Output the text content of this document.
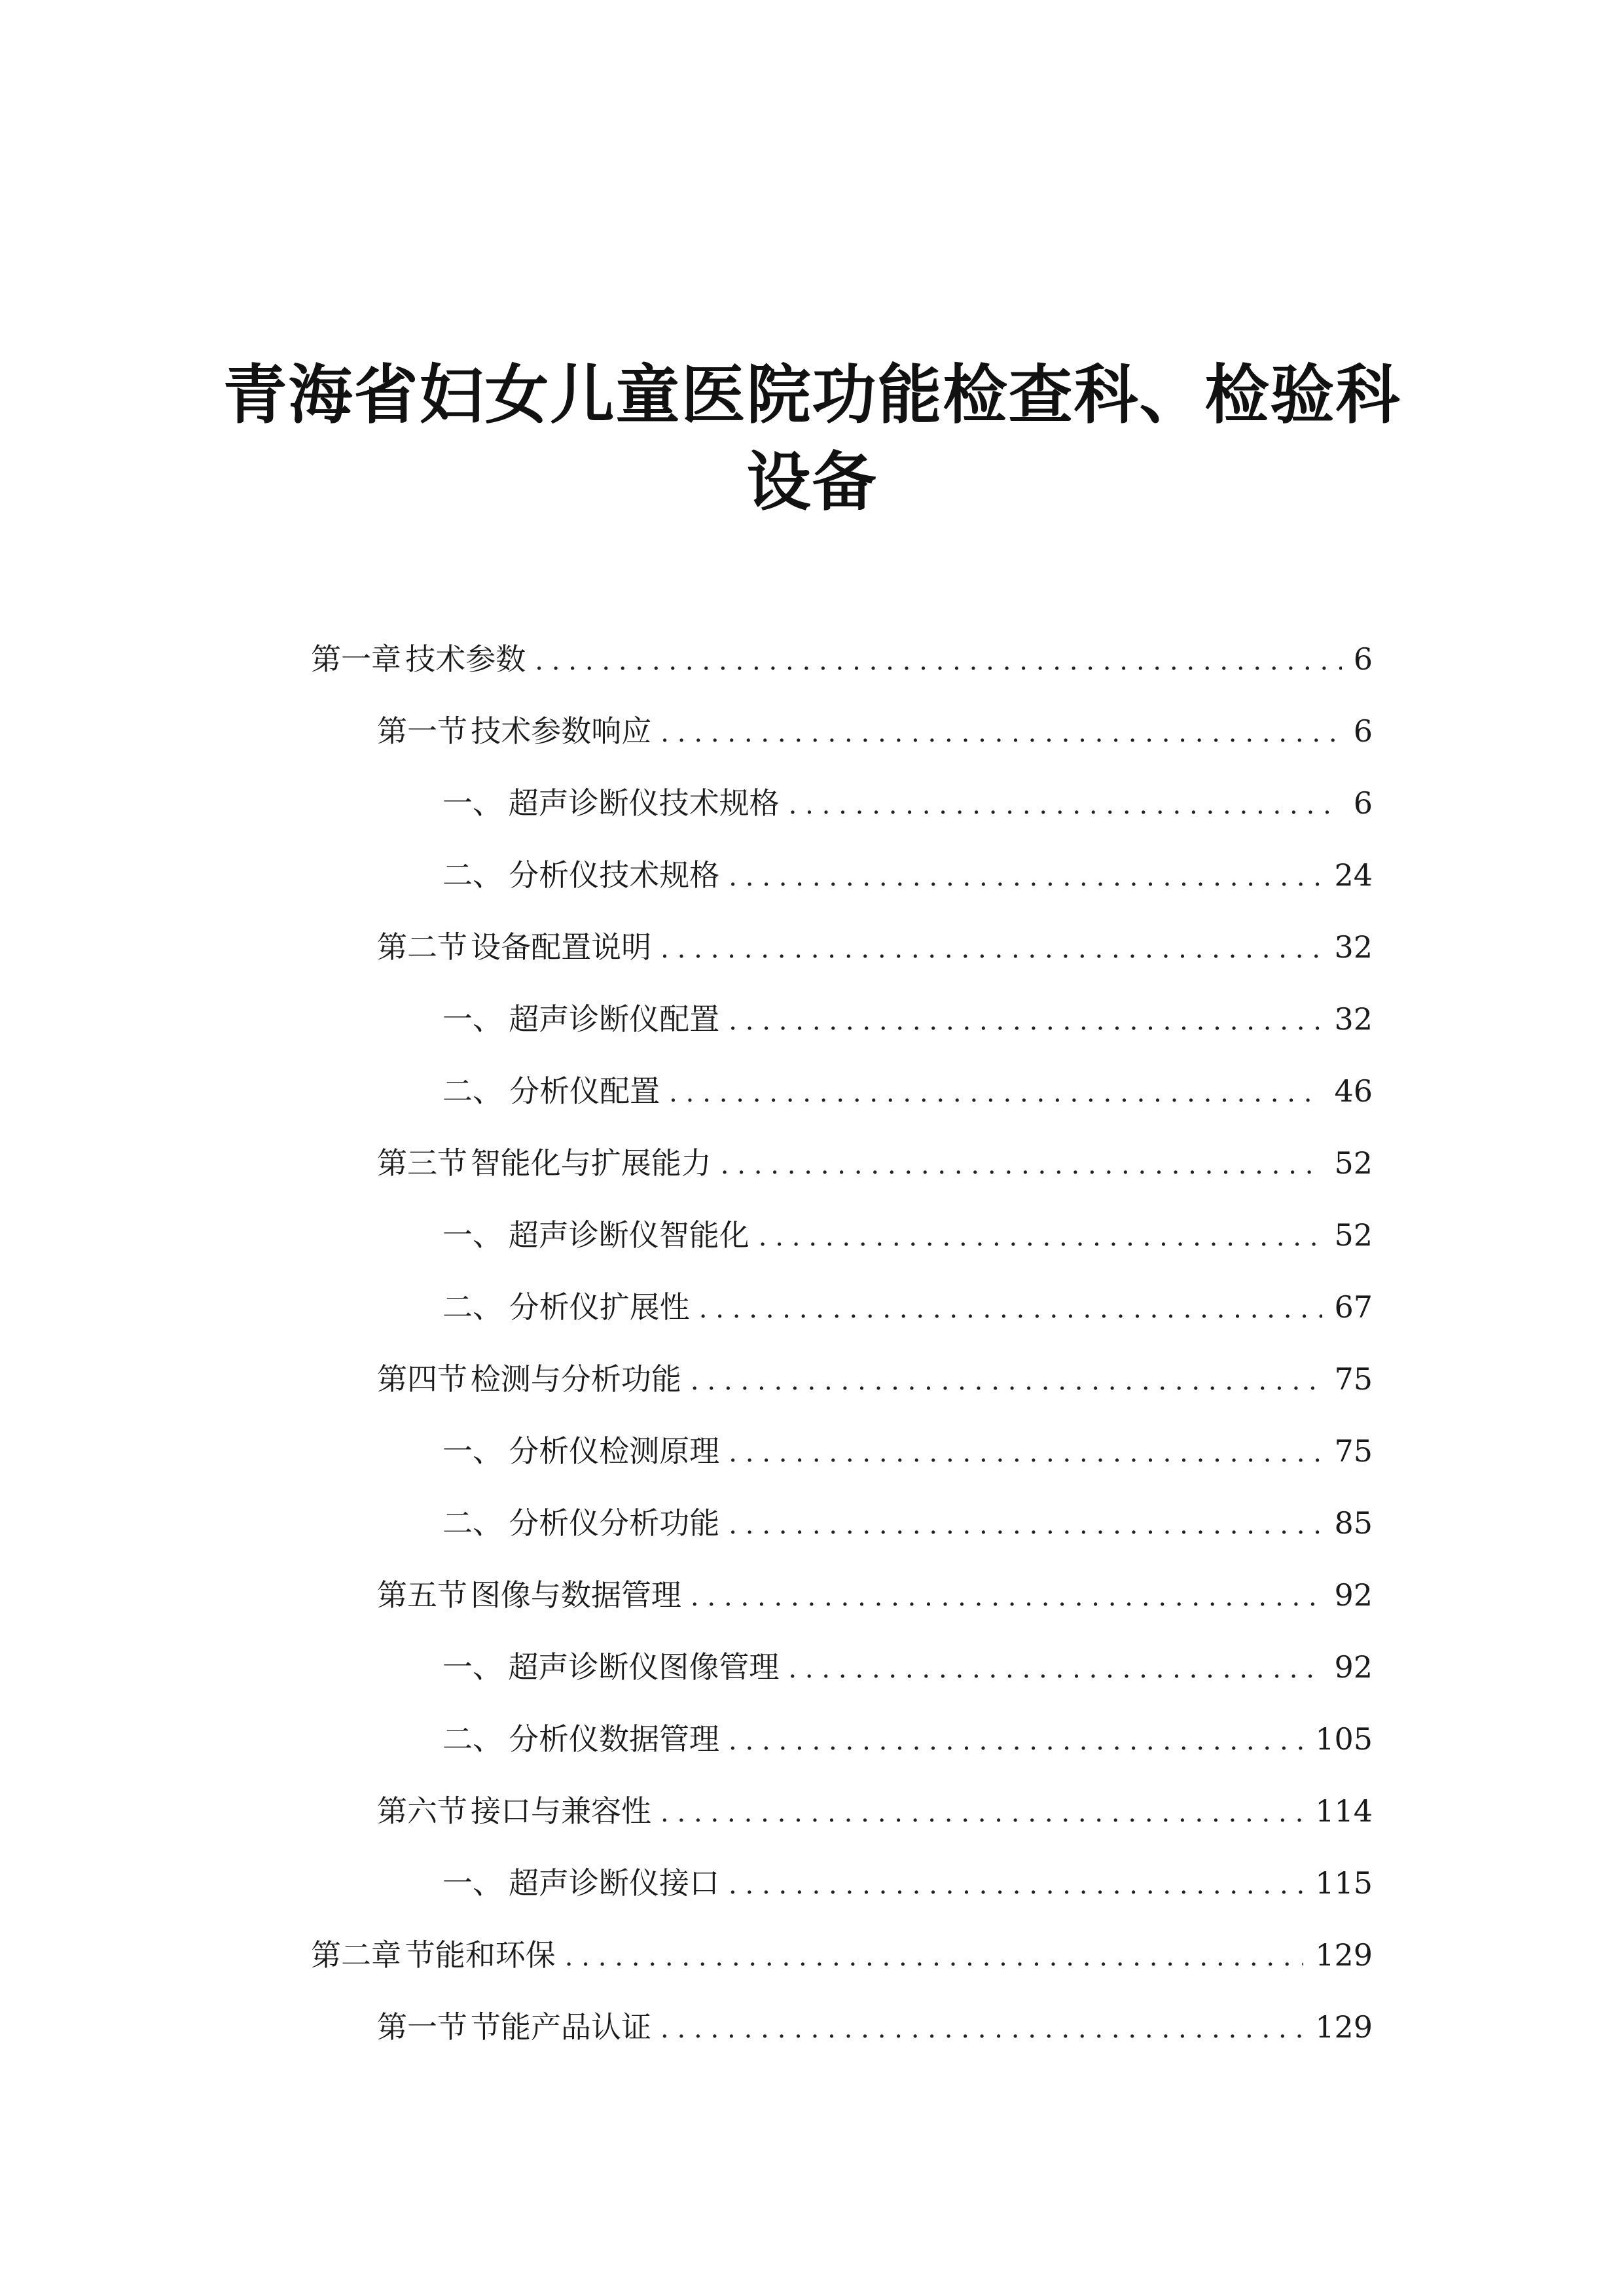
青海省妇女儿童医院功能检查科、检验科
设备
第一章 技术参数 .....	6
第一节 技术参数响应 .....	6
一、 超声诊断仪技术规格 .....	6
二、 分析仪技术规格 .....	24
第二节 设备配置说明 .....	32
一、 超声诊断仪配置 .....	32
二、 分析仪配置 .....	46
第三节 智能化与扩展能力 .....	52
一、 超声诊断仪智能化 .....	52
二、 分析仪扩展性 .....	67
第四节 检测与分析功能 .....	75
一、 分析仪检测原理 .....	75
二、 分析仪分析功能 .....	85
第五节 图像与数据管理 .....	92
一、 超声诊断仪图像管理 .....	92
二、 分析仪数据管理 .....	105
第六节 接口与兼容性 .....	114
一、 超声诊断仪接口 .....	115
第二章 节能和环保 .....	129
第一节 节能产品认证 .....	129
